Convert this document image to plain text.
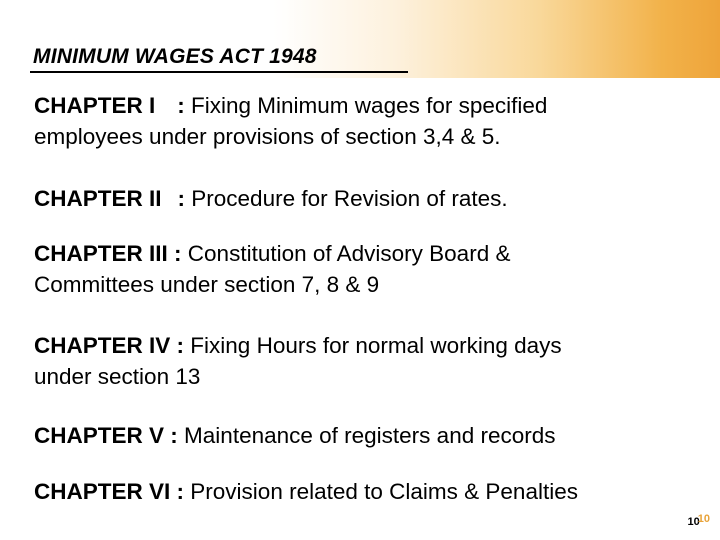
MINIMUM WAGES ACT 1948
CHAPTER I : Fixing Minimum wages for specified
employees under provisions of section 3,4 & 5.
CHAPTER II : Procedure for Revision of rates.
CHAPTER III : Constitution of Advisory Board &
Committees under section 7, 8 & 9
CHAPTER IV : Fixing Hours for normal working days
under section 13
CHAPTER V : Maintenance of registers and records
CHAPTER VI : Provision related to Claims & Penalties
1010
